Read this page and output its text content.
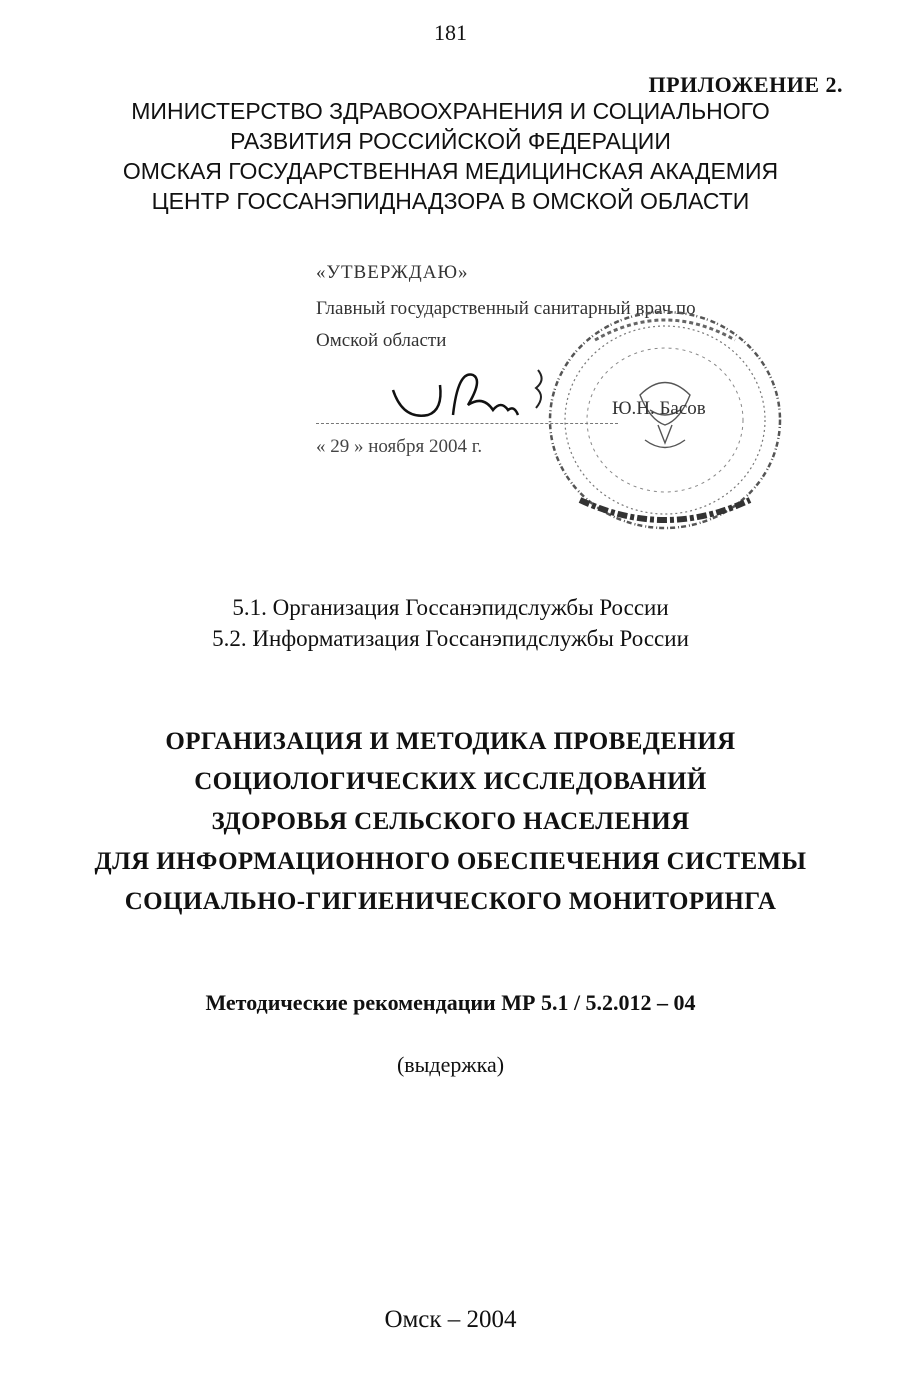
181
ПРИЛОЖЕНИЕ 2.
МИНИСТЕРСТВО ЗДРАВООХРАНЕНИЯ И СОЦИАЛЬНОГО
РАЗВИТИЯ РОССИЙСКОЙ ФЕДЕРАЦИИ
ОМСКАЯ ГОСУДАРСТВЕННАЯ МЕДИЦИНСКАЯ АКАДЕМИЯ
ЦЕНТР ГОССАНЭПИДНАДЗОРА В ОМСКОЙ ОБЛАСТИ
«УТВЕРЖДАЮ»
Главный государственный санитарный врач по
Омской области
Ю.Н. Басов
« 29 » ноября 2004 г.
5.1. Организация Госсанэпидслужбы России
5.2. Информатизация Госсанэпидслужбы России
ОРГАНИЗАЦИЯ И МЕТОДИКА ПРОВЕДЕНИЯ
СОЦИОЛОГИЧЕСКИХ ИССЛЕДОВАНИЙ
ЗДОРОВЬЯ СЕЛЬСКОГО НАСЕЛЕНИЯ
ДЛЯ ИНФОРМАЦИОННОГО ОБЕСПЕЧЕНИЯ СИСТЕМЫ
СОЦИАЛЬНО-ГИГИЕНИЧЕСКОГО МОНИТОРИНГА
Методические рекомендации МР 5.1 / 5.2.012 – 04
(выдержка)
Омск – 2004
